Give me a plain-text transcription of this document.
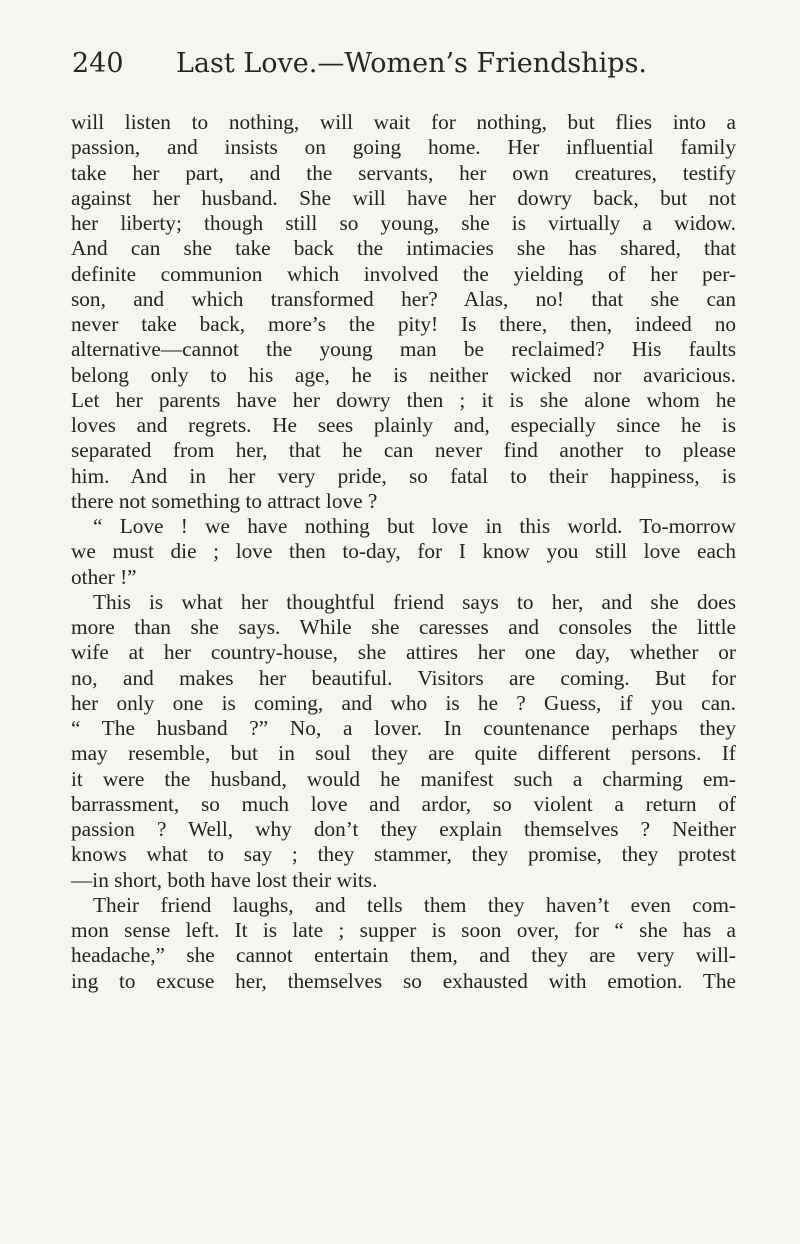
240 Last Love.—Women’s Friendships.
will listen to nothing, will wait for nothing, but flies into a
passion, and insists on going home. Her influential family
take her part, and the servants, her own creatures, testify
against her husband. She will have her dowry back, but not
her liberty; though still so young, she is virtually a widow.
And can she take back the intimacies she has shared, that
definite communion which involved the yielding of her per-
son, and which transformed her? Alas, no! that she can
never take back, more’s the pity! Is there, then, indeed no
alternative—cannot the young man be reclaimed? His faults
belong only to his age, he is neither wicked nor avaricious.
Let her parents have her dowry then ; it is she alone whom he
loves and regrets. He sees plainly and, especially since he is
separated from her, that he can never find another to please
him. And in her very pride, so fatal to their happiness, is
there not something to attract love ?
“ Love ! we have nothing but love in this world. To-morrow
we must die ; love then to-day, for I know you still love each
other !”
This is what her thoughtful friend says to her, and she does
more than she says. While she caresses and consoles the little
wife at her country-house, she attires her one day, whether or
no, and makes her beautiful. Visitors are coming. But for
her only one is coming, and who is he ? Guess, if you can.
“ The husband ?” No, a lover. In countenance perhaps they
may resemble, but in soul they are quite different persons. If
it were the husband, would he manifest such a charming em-
barrassment, so much love and ardor, so violent a return of
passion ? Well, why don’t they explain themselves ? Neither
knows what to say ; they stammer, they promise, they protest
—in short, both have lost their wits.
Their friend laughs, and tells them they haven’t even com-
mon sense left. It is late ; supper is soon over, for “ she has a
headache,” she cannot entertain them, and they are very will-
ing to excuse her, themselves so exhausted with emotion. The
